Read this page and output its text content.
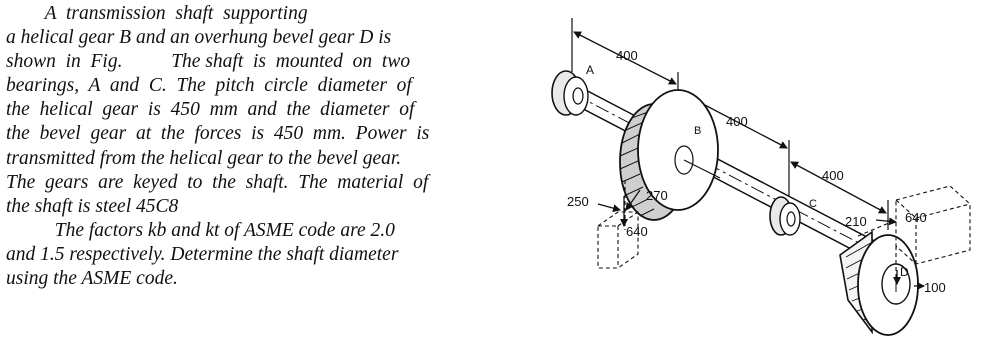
A  transmission  shaft  supporting
a helical gear B and an overhung bevel gear D is
shown  in  Fig.          The shaft  is  mounted  on  two
bearings,  A  and  C.  The  pitch  circle  diameter  of
the  helical  gear  is  450  mm  and  the  diameter  of
the  bevel  gear  at  the  forces  is  450  mm.  Power  is
transmitted from the helical gear to the bevel gear.
The  gears  are  keyed  to  the  shaft.  The  material  of
the shaft is steel 45C8
The factors kb and kt of ASME code are 2.0
and 1.5 respectively. Determine the shaft diameter
using the ASME code.
A
B
C
D
400
400
400
250	270
640
210	640
100
